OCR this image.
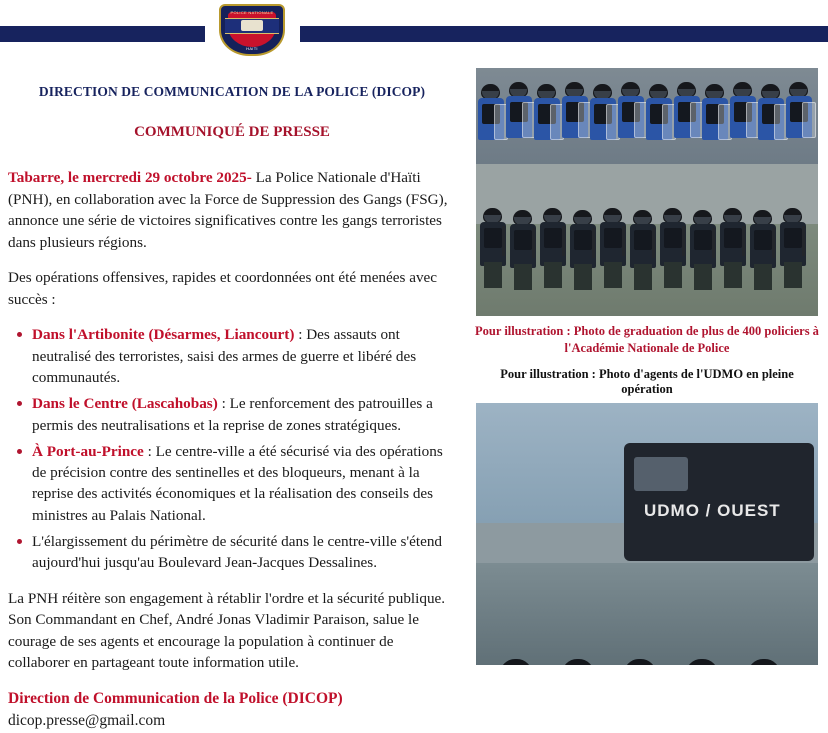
POLICE NATIONALE
HAITI
DIRECTION DE COMMUNICATION DE LA POLICE (DICOP)
COMMUNIQUÉ DE PRESSE

Tabarre, le mercredi 29 octobre 2025- La Police Nationale d'Haïti (PNH), en collaboration avec la Force de Suppression des Gangs (FSG), annonce une série de victoires significatives contre les gangs terroristes dans plusieurs régions.

Des opérations offensives, rapides et coordonnées ont été menées avec succès :

Dans l'Artibonite (Désarmes, Liancourt) : Des assauts ont neutralisé des terroristes, saisi des armes de guerre et libéré des communautés.
Dans le Centre (Lascahobas) : Le renforcement des patrouilles a permis des neutralisations et la reprise de zones stratégiques.
À Port-au-Prince : Le centre-ville a été sécurisé via des opérations de précision contre des sentinelles et des bloqueurs, menant à la reprise des activités économiques et la réalisation des conseils des ministres au Palais National.
L'élargissement du périmètre de sécurité dans le centre-ville s'étend aujourd'hui jusqu'au Boulevard Jean-Jacques Dessalines.

La PNH réitère son engagement à rétablir l'ordre et la sécurité publique. Son Commandant en Chef, André Jonas Vladimir Paraison, salue le courage de ses agents et encourage la population à continuer de collaborer en partageant toute information utile.

Direction de Communication de la Police (DICOP)
dicop.presse@gmail.com
Pour illustration : Photo de graduation de plus de 400 policiers à l'Académie Nationale de Police
Pour illustration : Photo d'agents de l'UDMO en pleine opération
UDMO / OUEST
